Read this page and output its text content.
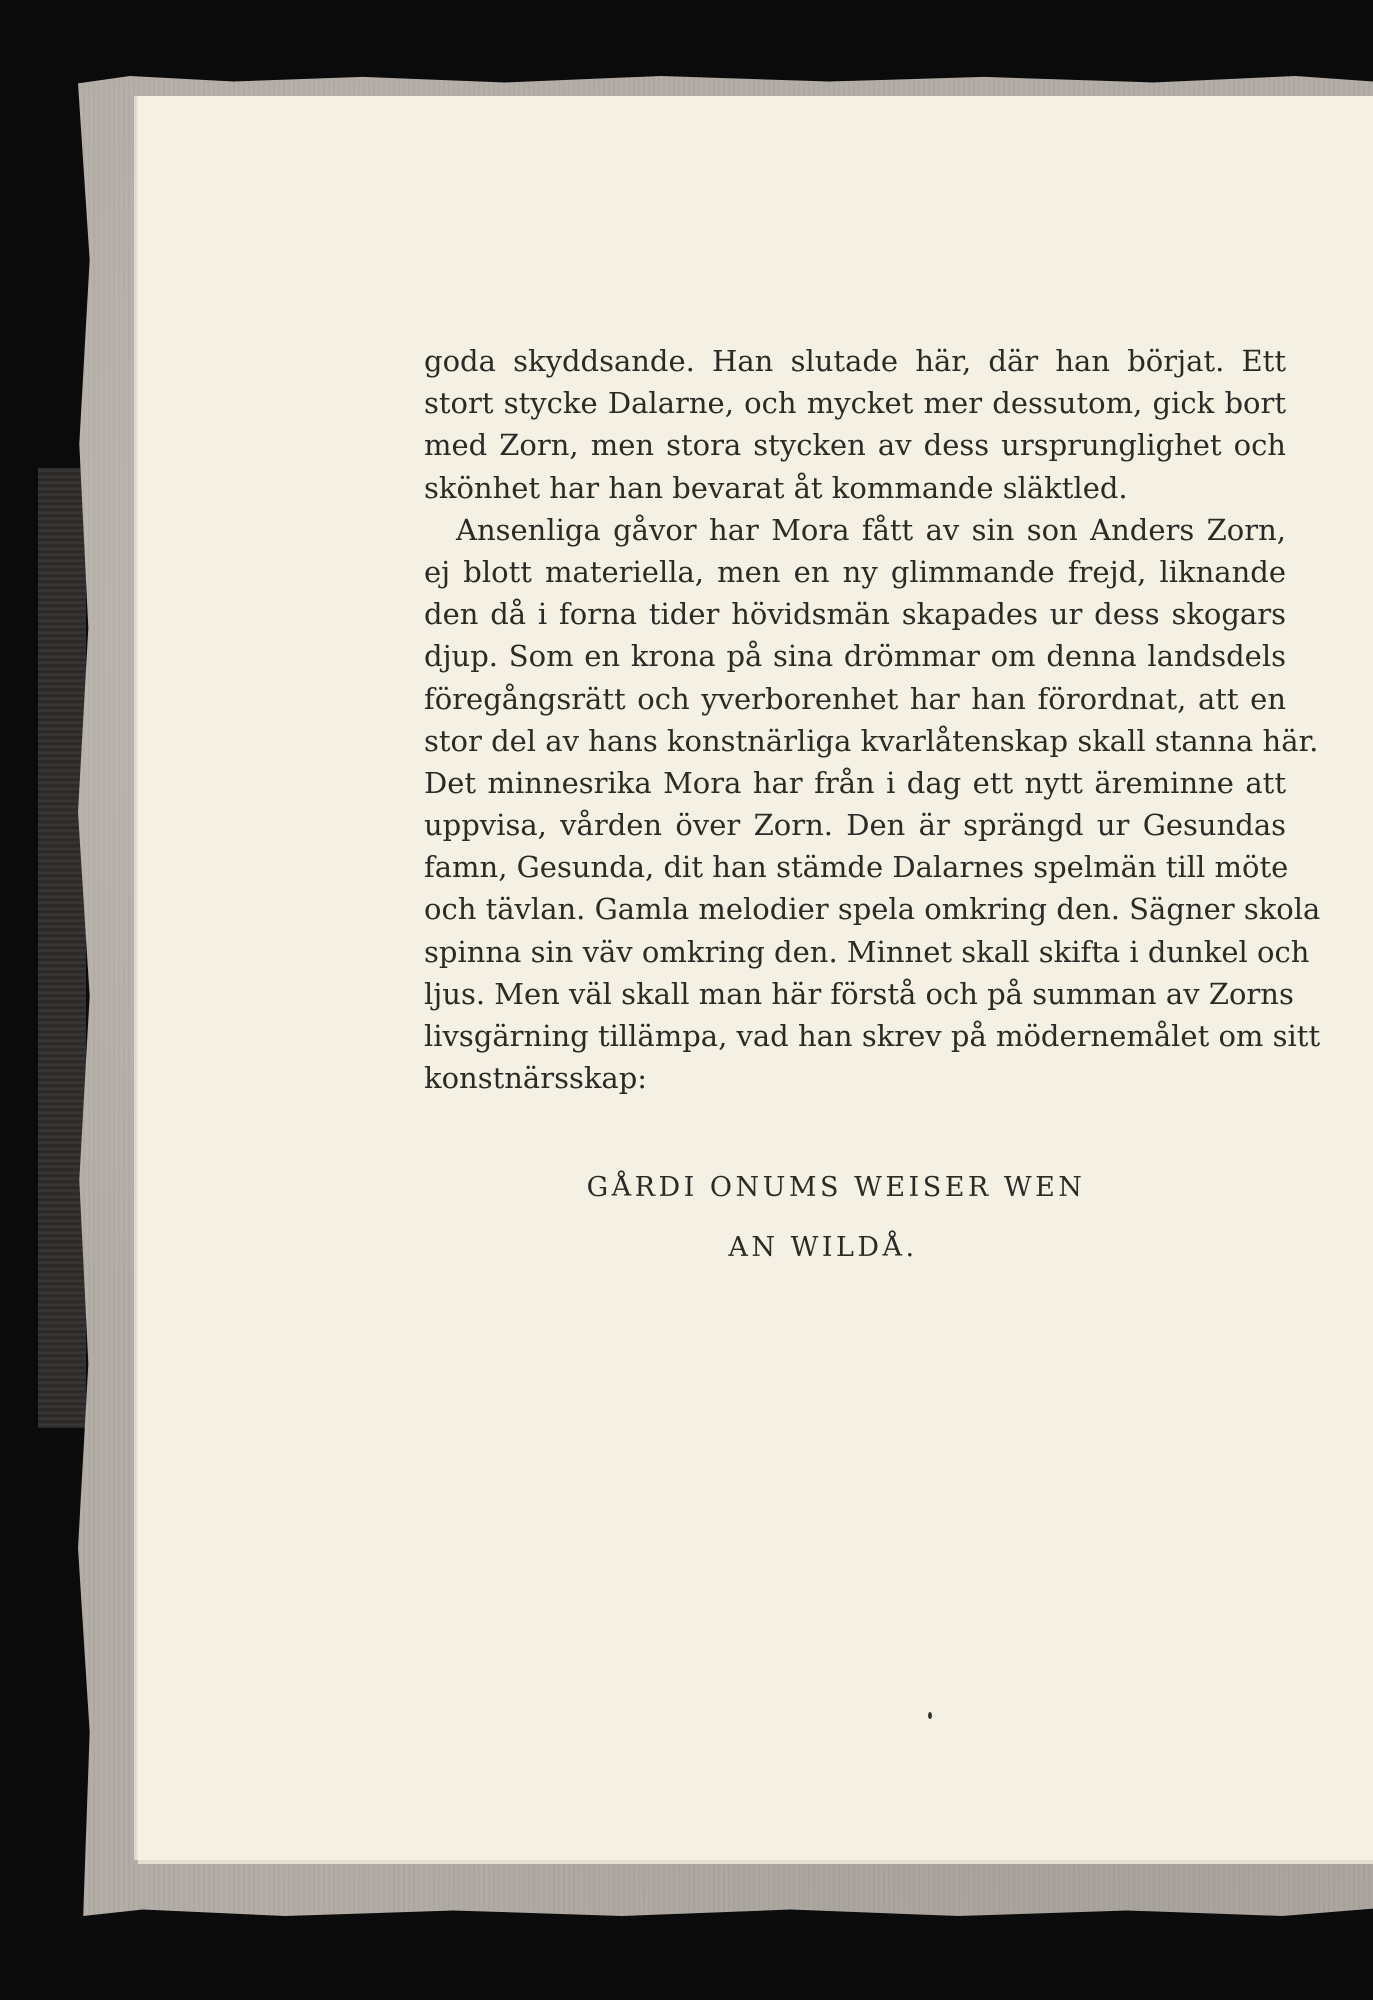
goda skyddsande. Han slutade här, där han börjat. Ett
stort stycke Dalarne, och mycket mer dessutom, gick bort
med Zorn, men stora stycken av dess ursprunglighet och
skönhet har han bevarat åt kommande släktled.
Ansenliga gåvor har Mora fått av sin son Anders Zorn,
ej blott materiella, men en ny glimmande frejd, liknande
den då i forna tider hövidsmän skapades ur dess skogars
djup. Som en krona på sina drömmar om denna landsdels
föregångsrätt och yverborenhet har han förordnat, att en
stor del av hans konstnärliga kvarlåtenskap skall stanna här.
Det minnesrika Mora har från i dag ett nytt äreminne att
uppvisa, vården över Zorn. Den är sprängd ur Gesundas
famn, Gesunda, dit han stämde Dalarnes spelmän till möte
och tävlan. Gamla melodier spela omkring den. Sägner skola
spinna sin väv omkring den. Minnet skall skifta i dunkel och
ljus. Men väl skall man här förstå och på summan av Zorns
livsgärning tillämpa, vad han skrev på mödernemålet om sitt
konstnärsskap:
GÅRDI ONUMS WEISER WEN
AN WILDÅ.
